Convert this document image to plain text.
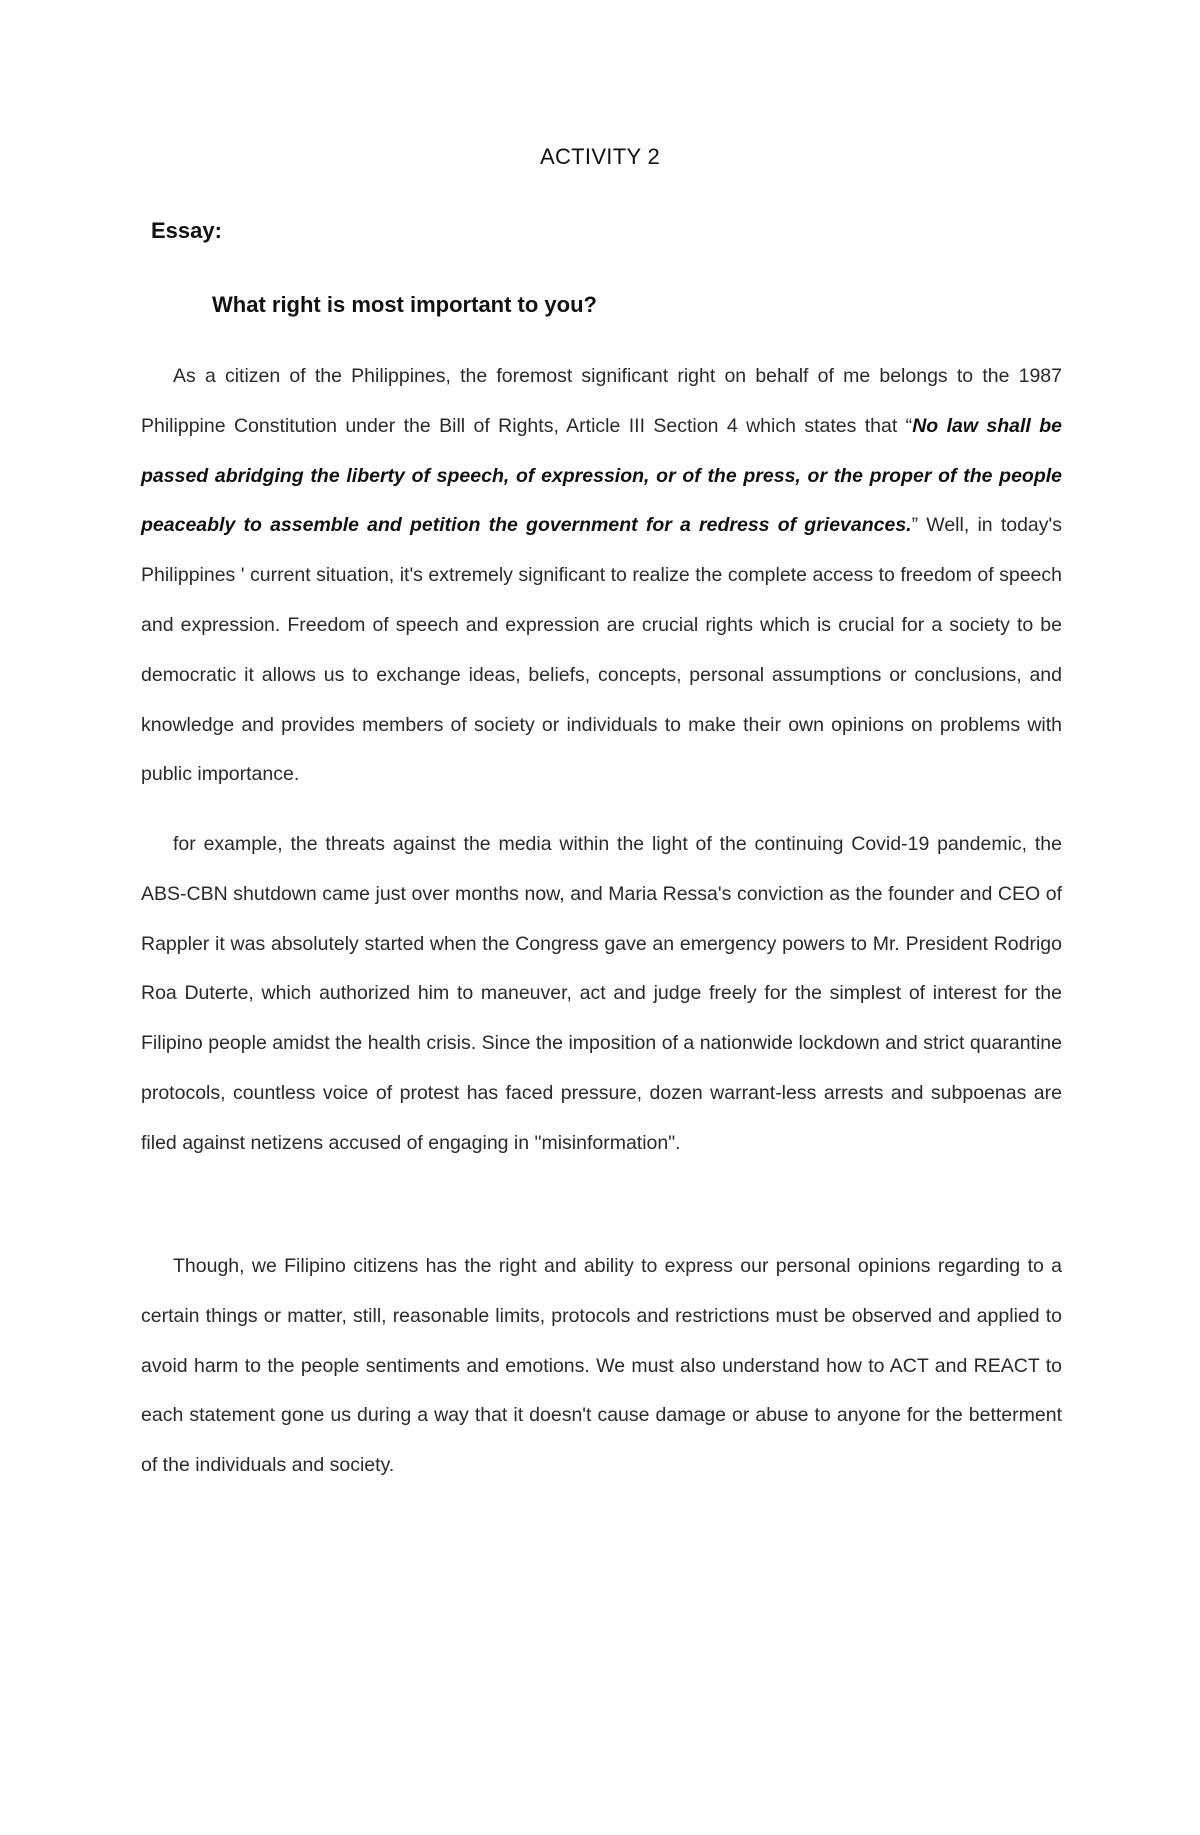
ACTIVITY 2
Essay:
What right is most important to you?

As a citizen of the Philippines, the foremost significant right on behalf of me belongs to the 1987 Philippine Constitution under the Bill of Rights, Article III Section 4 which states that “No law shall be passed abridging the liberty of speech, of expression, or of the press, or the proper of the people peaceably to assemble and petition the government for a redress of grievances.” Well, in today's Philippines ' current situation, it's extremely significant to realize the complete access to freedom of speech and expression. Freedom of speech and expression are crucial rights which is crucial for a society to be democratic it allows us to exchange ideas, beliefs, concepts, personal assumptions or conclusions, and knowledge and provides members of society or individuals to make their own opinions on problems with public importance.

for example, the threats against the media within the light of the continuing Covid-19 pandemic, the ABS-CBN shutdown came just over months now, and Maria Ressa's conviction as the founder and CEO of Rappler it was absolutely started when the Congress gave an emergency powers to Mr. President Rodrigo Roa Duterte, which authorized him to maneuver, act and judge freely for the simplest of interest for the Filipino people amidst the health crisis. Since the imposition of a nationwide lockdown and strict quarantine protocols, countless voice of protest has faced pressure, dozen warrant-less arrests and subpoenas are filed against netizens accused of engaging in "misinformation".

Though, we Filipino citizens has the right and ability to express our personal opinions regarding to a certain things or matter, still, reasonable limits, protocols and restrictions must be observed and applied to avoid harm to the people sentiments and emotions. We must also understand how to ACT and REACT to each statement gone us during a way that it doesn't cause damage or abuse to anyone for the betterment of the individuals and society.
